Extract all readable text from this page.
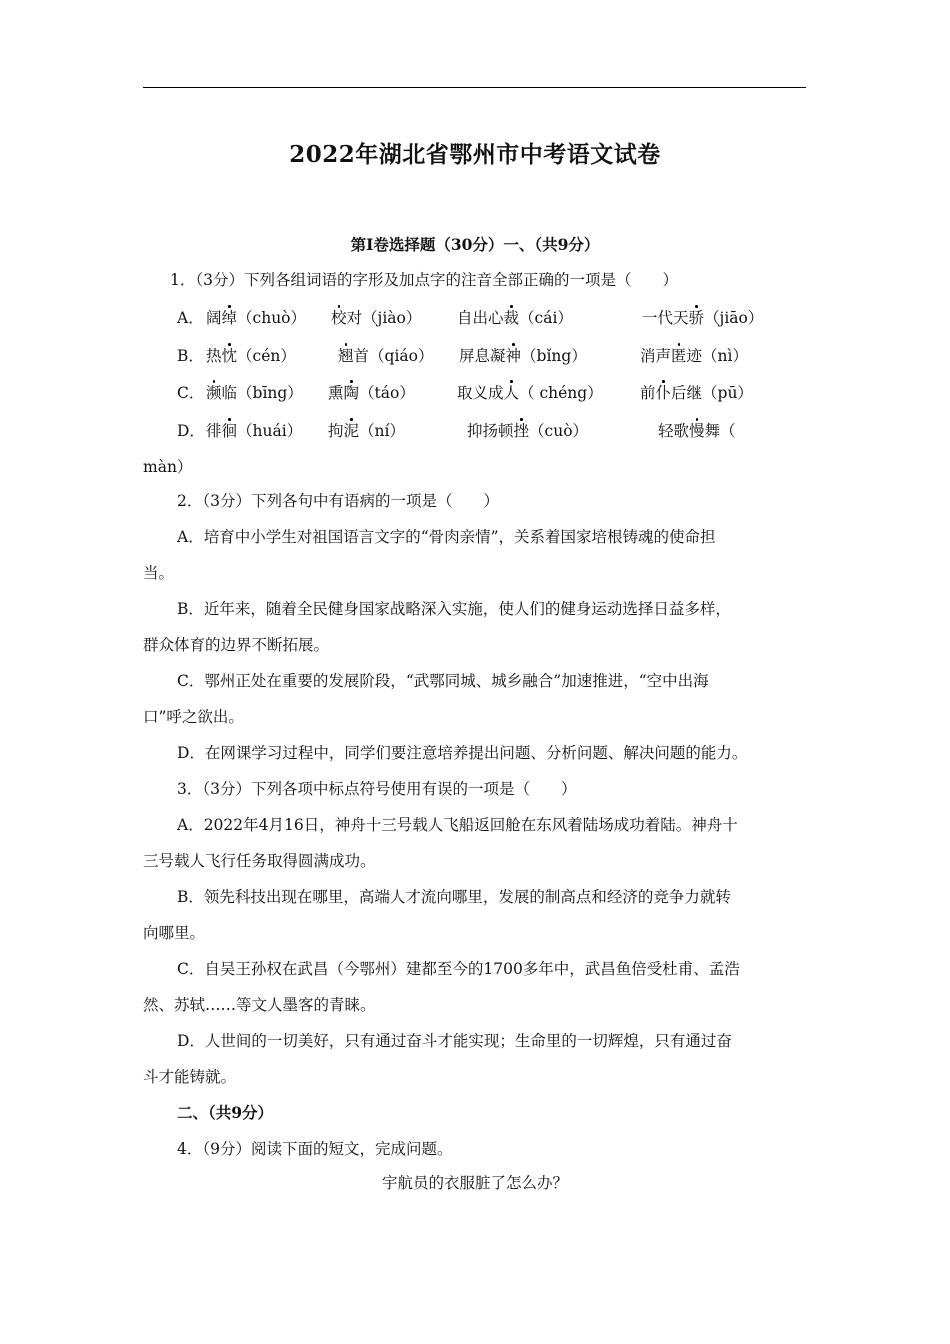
2022年湖北省鄂州市中考语文试卷
第Ⅰ卷选择题（30分）一、（共9分）
1．（3分）下列各组词语的字形及加点字的注音全部正确的一项是（　　）
A． 阔绰（chuò） 校对（jiào） 自出心裁（cái）	一代天骄（jiāo）
B． 热忱（cén）	翘首（qiáo） 屏息凝神（bǐng）	消声匿迹（nì）
C． 濒临（bīng） 熏陶（táo）	取义成人（ chéng） 前仆后继（pū）
D． 徘徊（huái） 拘泥（ní）	抑扬顿挫（cuò）	轻歌慢舞（
màn）
2．（3分）下列各句中有语病的一项是（　　）
A．培育中小学生对祖国语言文字的“骨肉亲情”，关系着国家培根铸魂的使命担
当。
B．近年来，随着全民健身国家战略深入实施，使人们的健身运动选择日益多样，
群众体育的边界不断拓展。
C．鄂州正处在重要的发展阶段，“武鄂同城、城乡融合”加速推进，“空中出海
口”呼之欲出。
D．在网课学习过程中，同学们要注意培养提出问题、分析问题、解决问题的能力。
3．（3分）下列各项中标点符号使用有误的一项是（　　）
A．2022年4月16日，神舟十三号载人飞船返回舱在东风着陆场成功着陆。神舟十
三号载人飞行任务取得圆满成功。
B．领先科技出现在哪里，高端人才流向哪里，发展的制高点和经济的竞争力就转
向哪里。
C．自吴王孙权在武昌（今鄂州）建都至今的1700多年中，武昌鱼倍受杜甫、孟浩
然、苏轼……等文人墨客的青睐。
D．人世间的一切美好，只有通过奋斗才能实现；生命里的一切辉煌，只有通过奋
斗才能铸就。
二、（共9分）
4．（9分）阅读下面的短文，完成问题。
宇航员的衣服脏了怎么办？
